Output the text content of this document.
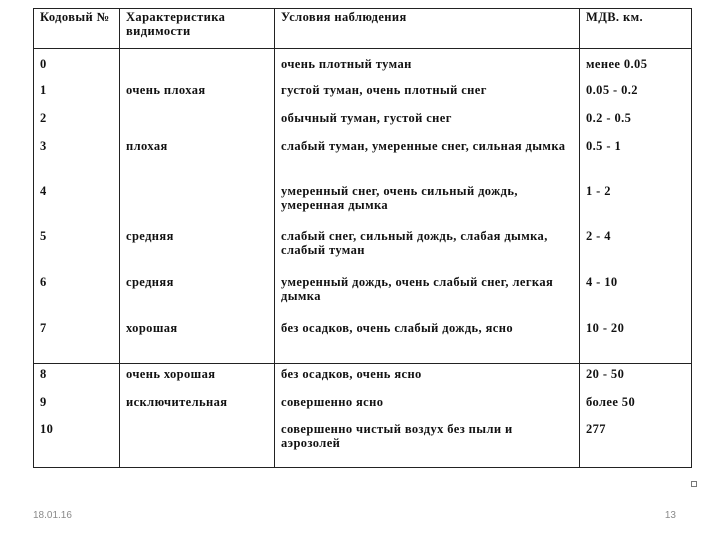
Кодовый №	Характеристика видимости	Условия наблюдения	МДВ. км.
0		очень плотный туман	менее 0.05
1	очень плохая	густой туман, очень плотный снег	0.05 - 0.2
2		обычный туман, густой снег	0.2 - 0.5
3	плохая	слабый туман, умеренные снег, сильная дымка	0.5 - 1
4		умеренный снег, очень сильный дождь, умеренная дымка	1 - 2
5	средняя	слабый снег, сильный дождь, слабая дымка, слабый туман	2 - 4
6	средняя	умеренный дождь, очень слабый снег, легкая дымка	4 - 10
7	хорошая	без осадков, очень слабый дождь, ясно	10 - 20
8	очень хорошая	без осадков, очень ясно	20 - 50
9	исключительная	совершенно ясно	более 50
10		совершенно чистый воздух без пыли и аэрозолей	277
18.01.16	13
